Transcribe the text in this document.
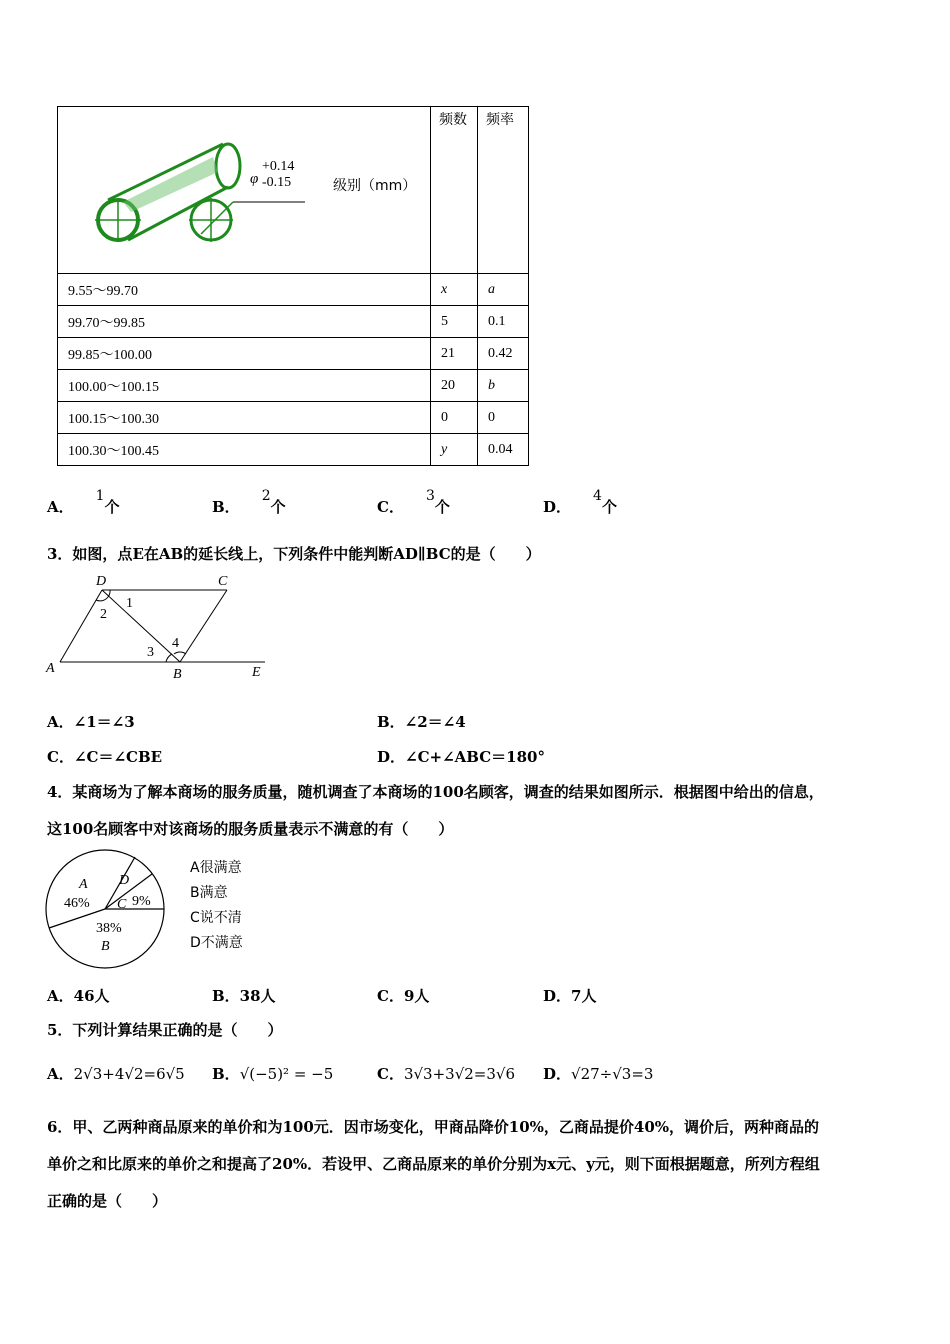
φ
+0.14
-0.15 级别（mm）	频数	频率
9.55～99.70	x	a
99.70～99.85	5	0.1
99.85～100.00	21	0.42
100.00～100.15	20	b
100.15～100.30	0	0
100.30～100.45	y	0.04
A．1个	B．2个	C．3个	D．4个
3．如图，点E在AB的延长线上，下列条件中能判断AD∥BC的是（　　）
D	C
A	B	E
1
2
3
4
A．∠1＝∠3	B．∠2＝∠4
C．∠C＝∠CBE	D．∠C+∠ABC＝180°
4．某商场为了解本商场的服务质量，随机调查了本商场的100名顾客，调查的结果如图所示．根据图中给出的信息，
这100名顾客中对该商场的服务质量表示不满意的有（　　）
A
46%
D
C 9%
38%
B
A很满意
B满意
C说不清
D不满意
A．46人	B．38人	C．9人	D．7人
5．下列计算结果正确的是（　　）
A．2√3+4√2=6√5 B．√(−5)² = −5	C．3√3+3√2=3√6 D．√27÷√3=3
6．甲、乙两种商品原来的单价和为100元．因市场变化，甲商品降价10%，乙商品提价40%，调价后，两种商品的
单价之和比原来的单价之和提高了20%．若设甲、乙商品原来的单价分别为x元、y元，则下面根据题意，所列方程组
正确的是（　　）
